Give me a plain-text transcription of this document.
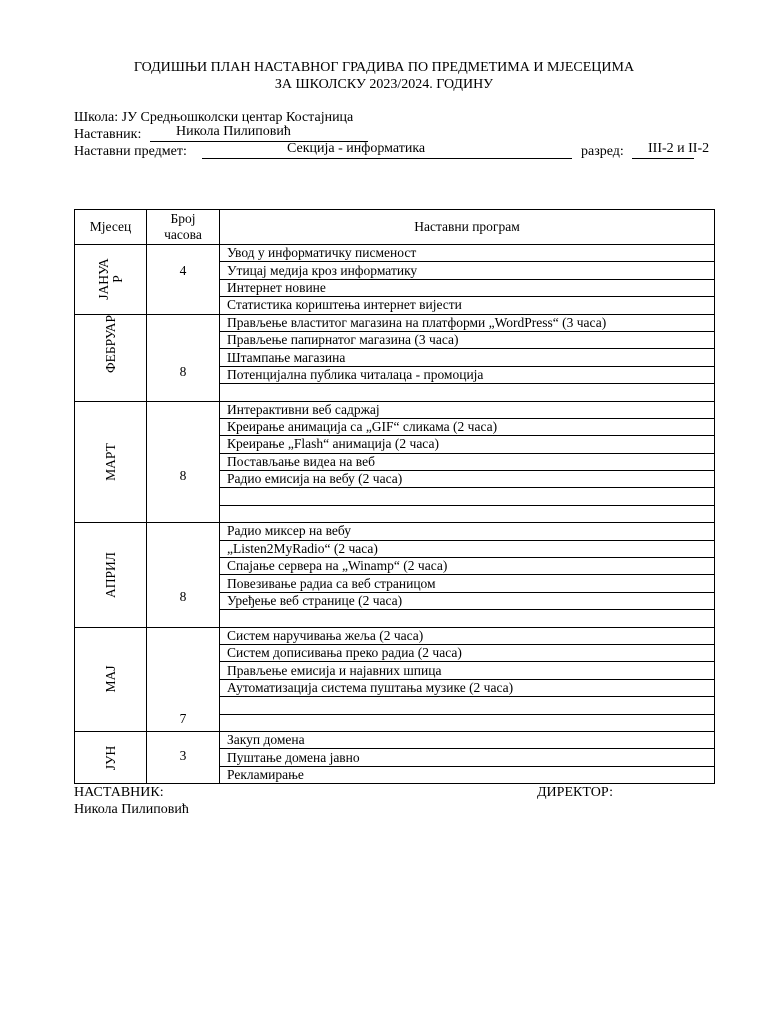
ГОДИШЊИ ПЛАН НАСТАВНОГ ГРАДИВА ПО ПРЕДМЕТИМА И МЈЕСЕЦИМА
ЗА ШКОЛСКУ 2023/2024. ГОДИНУ
Школа: ЈУ Средњошколски центар Костајница
Наставник: Никола Пилиповић
Наставни предмет:	Секција - информатика	разред: III-2 и II-2
Мјесец	Број
часова	Наставни програм

ЈАНУА Р	4	Увод у информатичку писменост
		Утицај медија кроз информатику
		Интернет новине
		Статистика кориштења интернет вијести

ФЕБРУАР	8	Прављење властитог магазина на платформи „WordPress“ (3 часа)
		Прављење папирнатог магазина (3 часа)
		Штампање магазина
		Потенцијална публика читалаца - промоција

МАРТ	8	Интерактивни веб садржај
		Креирање анимација са „GIF“ сликама (2 часа)
		Креирање „Flash“ анимација (2 часа)
		Постављање видеа на веб
		Радио емисија на вебу (2 часа)

АПРИЛ	8	Радио миксер на вебу
		„Listen2MyRadio“ (2 часа)
		Спајање сервера на „Winamp“ (2 часа)
		Повезивање радиа са веб страницом
		Уређење веб странице (2 часа)

МАЈ	7	Систем наручивања жеља (2 часа)
		Систем дописивања преко радиа (2 часа)
		Прављење емисија и најавних шпица
		Аутоматизација система пуштања музике (2 часа)

ЈУН	3	Закуп домена
		Пуштање домена јавно
		Рекламирање
НАСТАВНИК:	ДИРЕКТОР:
Никола Пилиповић
